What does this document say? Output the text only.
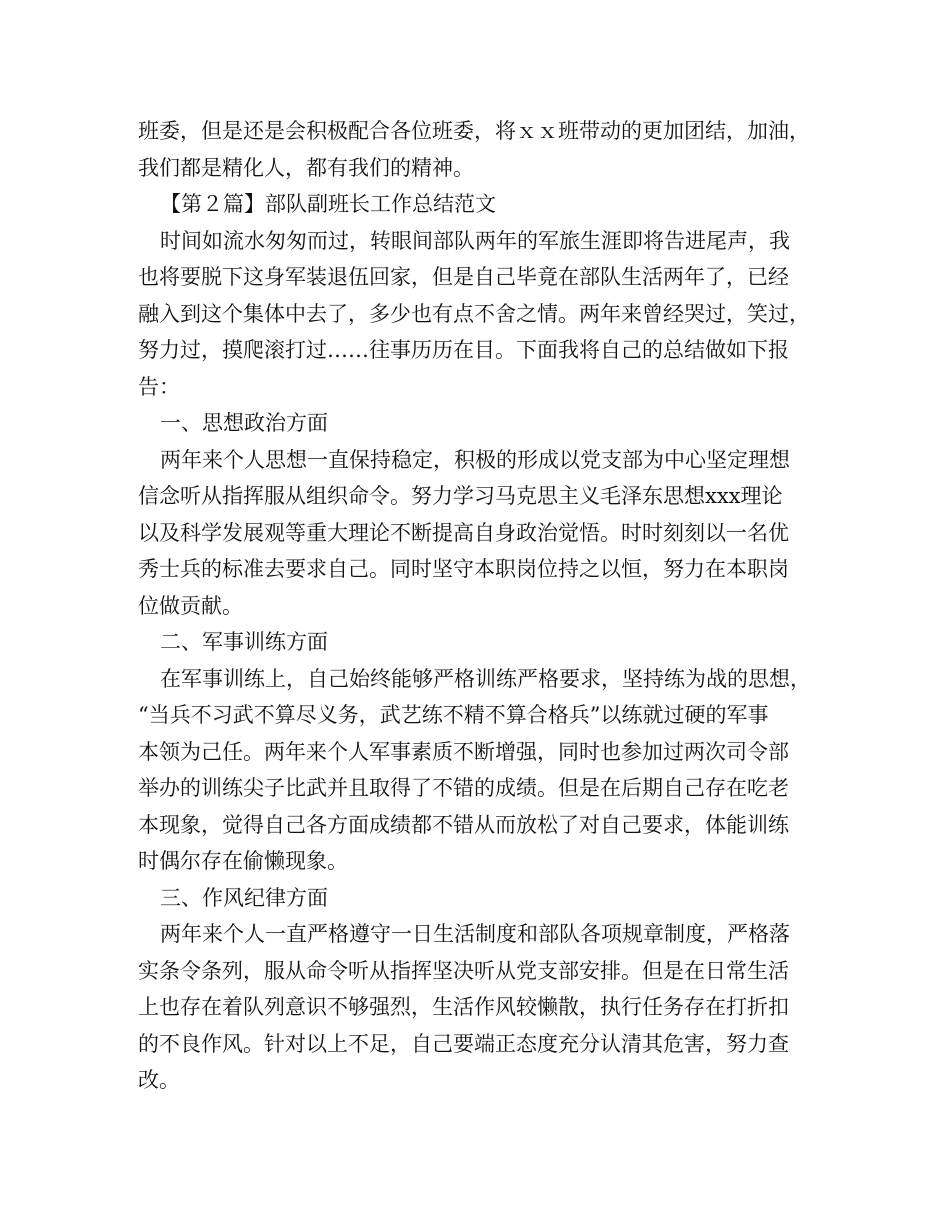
班委，但是还是会积极配合各位班委，将ｘｘ班带动的更加团结，加油，
我们都是精化人，都有我们的精神。
【第２篇】部队副班长工作总结范文
时间如流水匆匆而过，转眼间部队两年的军旅生涯即将告进尾声，我
也将要脱下这身军装退伍回家，但是自己毕竟在部队生活两年了，已经
融入到这个集体中去了，多少也有点不舍之情。两年来曾经哭过，笑过，
努力过，摸爬滚打过……往事历历在目。下面我将自己的总结做如下报
告：
一、思想政治方面
两年来个人思想一直保持稳定，积极的形成以党支部为中心坚定理想
信念听从指挥服从组织命令。努力学习马克思主义毛泽东思想xxx理论
以及科学发展观等重大理论不断提高自身政治觉悟。时时刻刻以一名优
秀士兵的标准去要求自己。同时坚守本职岗位持之以恒，努力在本职岗
位做贡献。
二、军事训练方面
在军事训练上，自己始终能够严格训练严格要求，坚持练为战的思想，
“当兵不习武不算尽义务，武艺练不精不算合格兵”以练就过硬的军事
本领为己任。两年来个人军事素质不断增强，同时也参加过两次司令部
举办的训练尖子比武并且取得了不错的成绩。但是在后期自己存在吃老
本现象，觉得自己各方面成绩都不错从而放松了对自己要求，体能训练
时偶尔存在偷懒现象。
三、作风纪律方面
两年来个人一直严格遵守一日生活制度和部队各项规章制度，严格落
实条令条列，服从命令听从指挥坚决听从党支部安排。但是在日常生活
上也存在着队列意识不够强烈，生活作风较懒散，执行任务存在打折扣
的不良作风。针对以上不足，自己要端正态度充分认清其危害，努力查
改。
